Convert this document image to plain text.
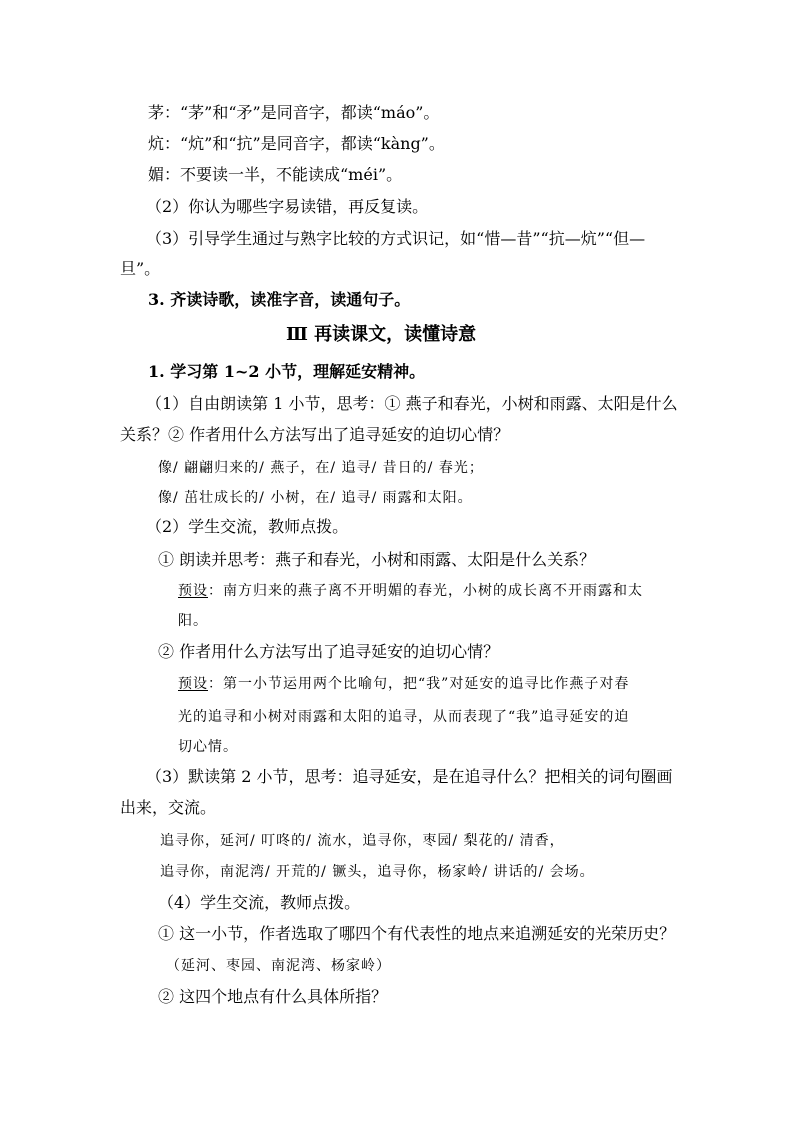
茅：“茅”和“矛”是同音字，都读“máo”。
炕：“炕”和“抗”是同音字，都读“kàng”。
媚：不要读一半，不能读成“méi”。
（2）你认为哪些字易读错，再反复读。
（3）引导学生通过与熟字比较的方式识记，如“惜—昔”“抗—炕”“但—
旦”。
3. 齐读诗歌，读准字音，读通句子。
Ⅲ 再读课文，读懂诗意
1. 学习第 1~2 小节，理解延安精神。
（1）自由朗读第 1 小节，思考：① 燕子和春光，小树和雨露、太阳是什么
关系？② 作者用什么方法写出了追寻延安的迫切心情？
像/ 翩翩归来的/ 燕子，在/ 追寻/ 昔日的/ 春光；
像/ 茁壮成长的/ 小树，在/ 追寻/ 雨露和太阳。
（2）学生交流，教师点拨。
① 朗读并思考：燕子和春光，小树和雨露、太阳是什么关系？
预设：南方归来的燕子离不开明媚的春光，小树的成长离不开雨露和太
阳。
② 作者用什么方法写出了追寻延安的迫切心情？
预设：第一小节运用两个比喻句，把“我”对延安的追寻比作燕子对春
光的追寻和小树对雨露和太阳的追寻，从而表现了“我”追寻延安的迫
切心情。
（3）默读第 2 小节，思考：追寻延安，是在追寻什么？把相关的词句圈画
出来，交流。
追寻你，延河/ 叮咚的/ 流水，追寻你，枣园/ 梨花的/ 清香，
追寻你，南泥湾/ 开荒的/ 镢头，追寻你，杨家岭/ 讲话的/ 会场。
（4）学生交流，教师点拨。
① 这一小节，作者选取了哪四个有代表性的地点来追溯延安的光荣历史？
（延河、枣园、南泥湾、杨家岭）
② 这四个地点有什么具体所指？
